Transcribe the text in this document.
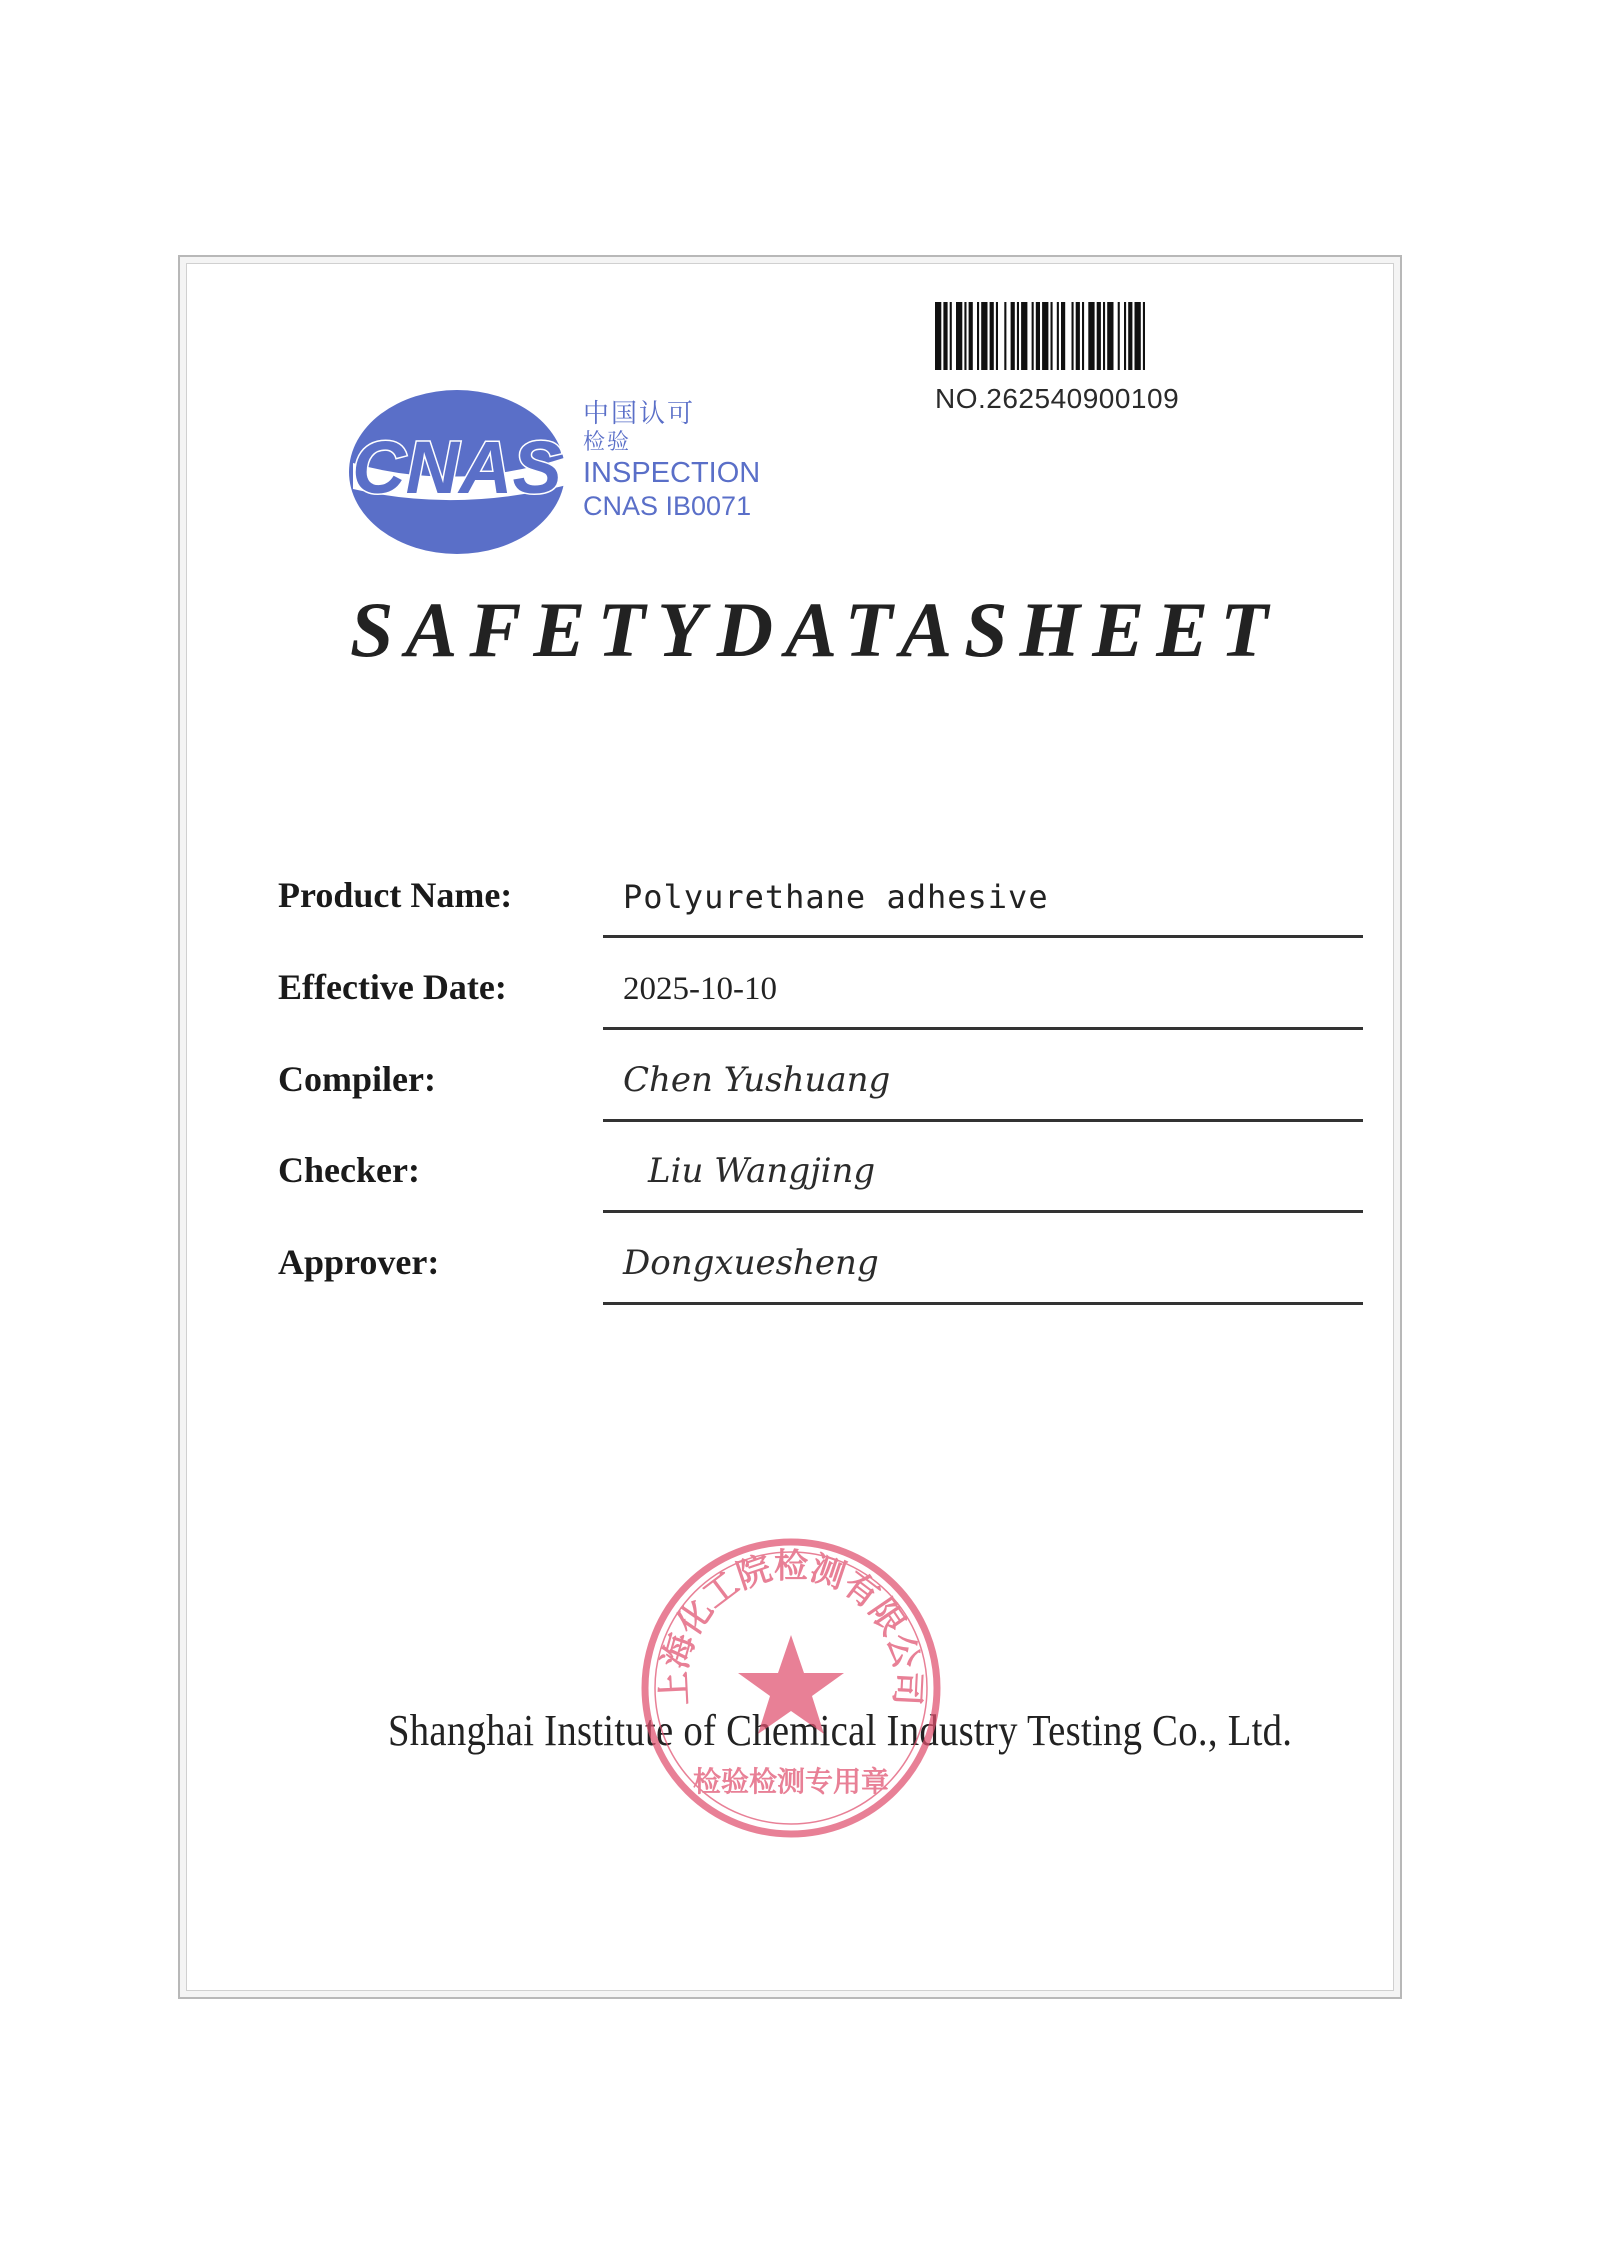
NO.262540900109
CNAS
中国认可
检验
INSPECTION
CNAS IB0071
SAFETYDATASHEET
Product Name:	Polyurethane adhesive
Effective Date:	2025-10-10
Compiler:	Chen Yushuang
Checker:	Liu Wangjing
Approver:	Dongxuesheng
Shanghai Institute of Chemical Industry Testing Co., Ltd.
上海化工院检测有限公司
检验检测专用章
